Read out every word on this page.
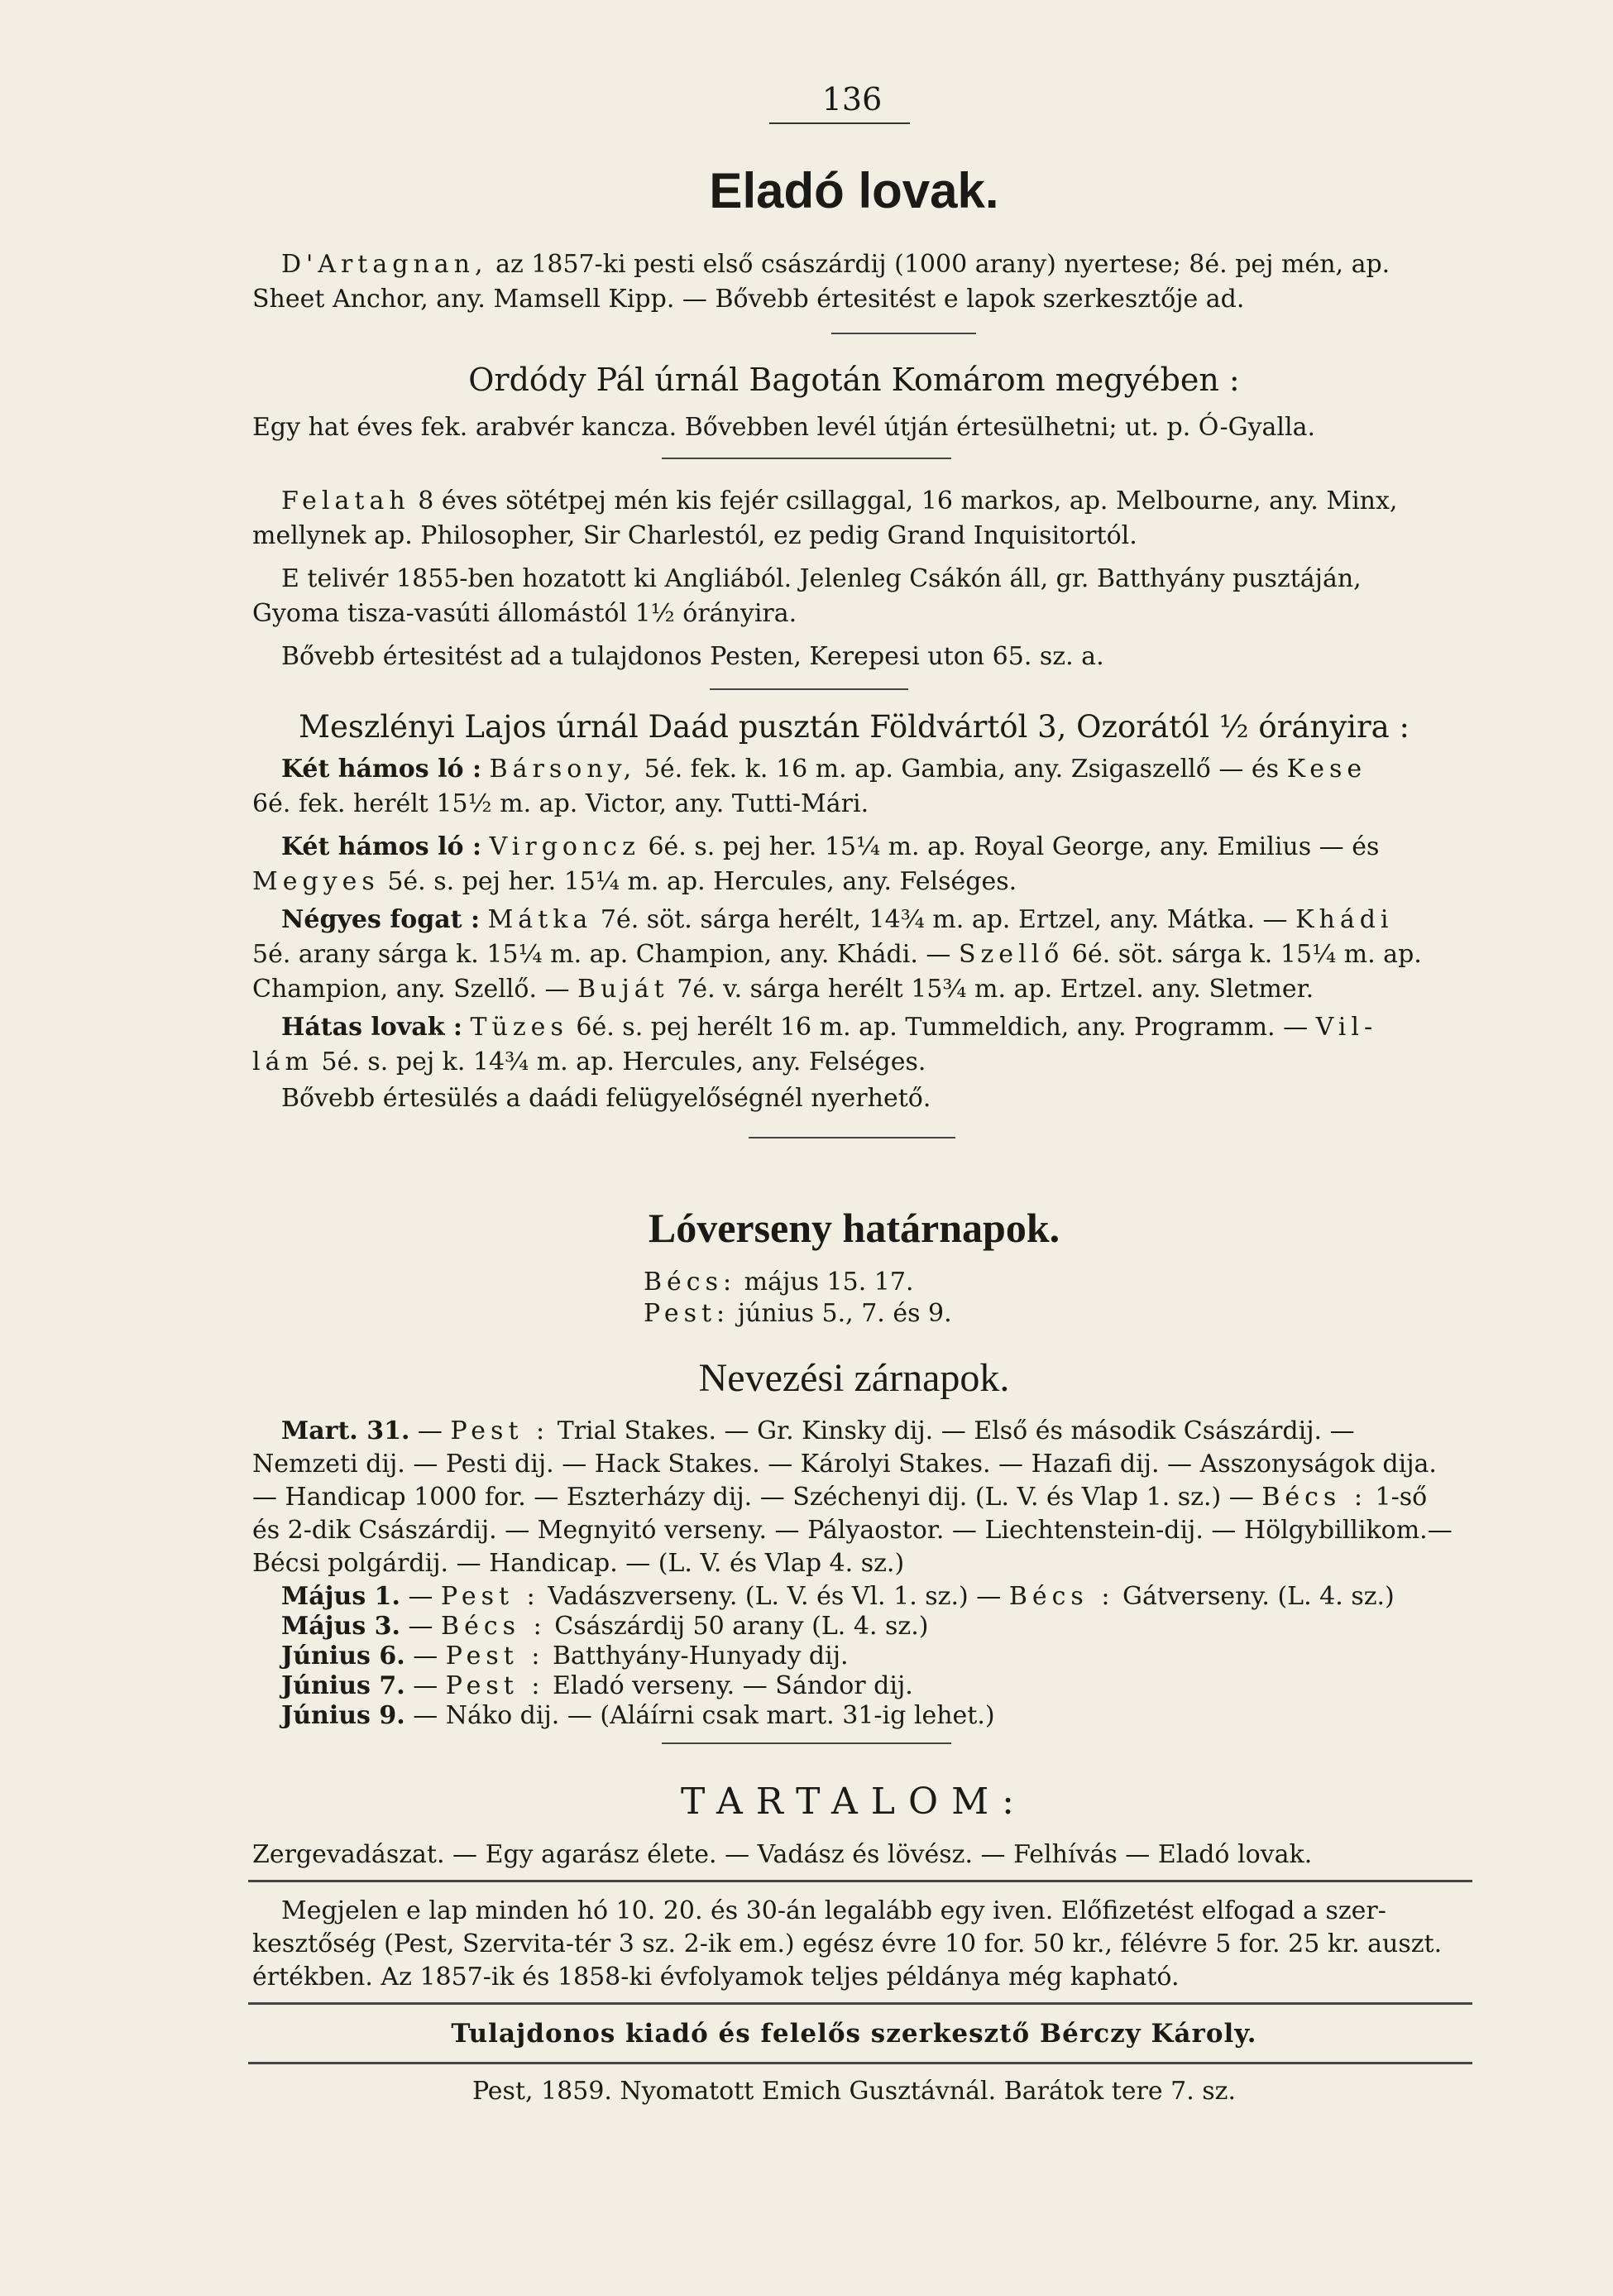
136
Eladó lovak.
D'Artagnan, az 1857-ki pesti első császárdij (1000 arany) nyertese; 8é. pej mén, ap.
Sheet Anchor, any. Mamsell Kipp. — Bővebb értesitést e lapok szerkesztője ad.
Ordódy Pál úrnál Bagotán Komárom megyében :
Egy hat éves fek. arabvér kancza. Bővebben levél útján értesülhetni; ut. p. Ó-Gyalla.
Felatah 8 éves sötétpej mén kis fejér csillaggal, 16 markos, ap. Melbourne, any. Minx,
mellynek ap. Philosopher, Sir Charlestól, ez pedig Grand Inquisitortól.
E telivér 1855-ben hozatott ki Angliából. Jelenleg Csákón áll, gr. Batthyány pusztáján,
Gyoma tisza-vasúti állomástól 1½ órányira.
Bővebb értesitést ad a tulajdonos Pesten, Kerepesi uton 65. sz. a.
Meszlényi Lajos úrnál Daád pusztán Földvártól 3, Ozorától ½ órányira :
Két hámos ló : Bársony, 5é. fek. k. 16 m. ap. Gambia, any. Zsigaszellő — és Kese
6é. fek. herélt 15½ m. ap. Victor, any. Tutti-Mári.
Két hámos ló : Virgoncz 6é. s. pej her. 15¼ m. ap. Royal George, any. Emilius — és
Megyes 5é. s. pej her. 15¼ m. ap. Hercules, any. Felséges.
Négyes fogat : Mátka 7é. söt. sárga herélt, 14¾ m. ap. Ertzel, any. Mátka. — Khádi
5é. arany sárga k. 15¼ m. ap. Champion, any. Khádi. — Szellő 6é. söt. sárga k. 15¼ m. ap.
Champion, any. Szellő. — Buját 7é. v. sárga herélt 15¾ m. ap. Ertzel. any. Sletmer.
Hátas lovak : Tüzes 6é. s. pej herélt 16 m. ap. Tummeldich, any. Programm. — Vil-
lám 5é. s. pej k. 14¾ m. ap. Hercules, any. Felséges.
Bővebb értesülés a daádi felügyelőségnél nyerhető.
Lóverseny határnapok.
Bécs: május 15. 17.
Pest: június 5., 7. és 9.
Nevezési zárnapok.
Mart. 31. — Pest : Trial Stakes. — Gr. Kinsky dij. — Első és második Császárdij. —
Nemzeti dij. — Pesti dij. — Hack Stakes. — Károlyi Stakes. — Hazafi dij. — Asszonyságok dija.
— Handicap 1000 for. — Eszterházy dij. — Széchenyi dij. (L. V. és Vlap 1. sz.) — Bécs : 1-ső
és 2-dik Császárdij. — Megnyitó verseny. — Pályaostor. — Liechtenstein-dij. — Hölgybillikom.—
Bécsi polgárdij. — Handicap. — (L. V. és Vlap 4. sz.)
Május 1. — Pest : Vadászverseny. (L. V. és Vl. 1. sz.) — Bécs : Gátverseny. (L. 4. sz.)
Május 3. — Bécs : Császárdij 50 arany (L. 4. sz.)
Június 6. — Pest : Batthyány-Hunyady dij.
Június 7. — Pest : Eladó verseny. — Sándor dij.
Június 9. — Náko dij. — (Aláírni csak mart. 31-ig lehet.)
TARTALOM:
Zergevadászat. — Egy agarász élete. — Vadász és lövész. — Felhívás — Eladó lovak.
Megjelen e lap minden hó 10. 20. és 30-án legalább egy iven. Előfizetést elfogad a szer-
kesztőség (Pest, Szervita-tér 3 sz. 2-ik em.) egész évre 10 for. 50 kr., félévre 5 for. 25 kr. auszt.
értékben. Az 1857-ik és 1858-ki évfolyamok teljes példánya még kapható.
Tulajdonos kiadó és felelős szerkesztő Bérczy Károly.
Pest, 1859. Nyomatott Emich Gusztávnál. Barátok tere 7. sz.
